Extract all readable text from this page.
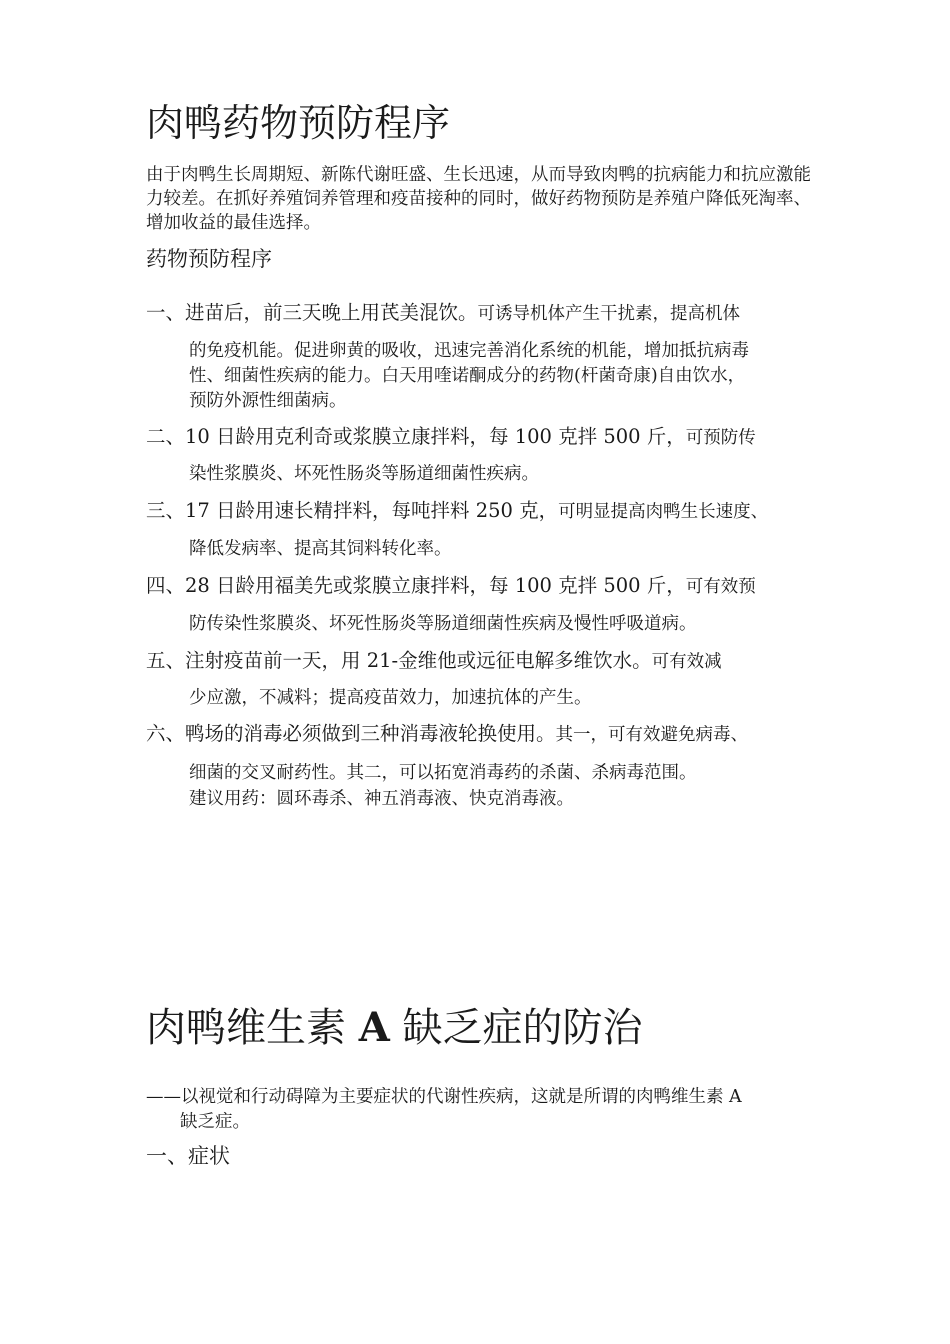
肉鸭药物预防程序
由于肉鸭生长周期短、新陈代谢旺盛、生长迅速，从而导致肉鸭的抗病能力和抗应激能力较差。在抓好养殖饲养管理和疫苗接种的同时，做好药物预防是养殖户降低死淘率、增加收益的最佳选择。
药物预防程序
一、进苗后，前三天晚上用芪美混饮。可诱导机体产生干扰素，提高机体
的免疫机能。促进卵黄的吸收，迅速完善消化系统的机能，增加抵抗病毒
性、细菌性疾病的能力。白天用喹诺酮成分的药物(杆菌奇康)自由饮水，
预防外源性细菌病。
二、10 日龄用克利奇或浆膜立康拌料，每 100 克拌 500 斤，可预防传
染性浆膜炎、坏死性肠炎等肠道细菌性疾病。
三、17 日龄用速长精拌料，每吨拌料 250 克，可明显提高肉鸭生长速度、
降低发病率、提高其饲料转化率。
四、28 日龄用福美先或浆膜立康拌料，每 100 克拌 500 斤，可有效预
防传染性浆膜炎、坏死性肠炎等肠道细菌性疾病及慢性呼吸道病。
五、注射疫苗前一天，用 21-金维他或远征电解多维饮水。可有效减
少应激，不减料；提高疫苗效力，加速抗体的产生。
六、鸭场的消毒必须做到三种消毒液轮换使用。其一，可有效避免病毒、
细菌的交叉耐药性。其二，可以拓宽消毒药的杀菌、杀病毒范围。
建议用药：圆环毒杀、神五消毒液、快克消毒液。
肉鸭维生素 A 缺乏症的防治
——以视觉和行动碍障为主要症状的代谢性疾病，这就是所谓的肉鸭维生素 A
缺乏症。
一、症状
